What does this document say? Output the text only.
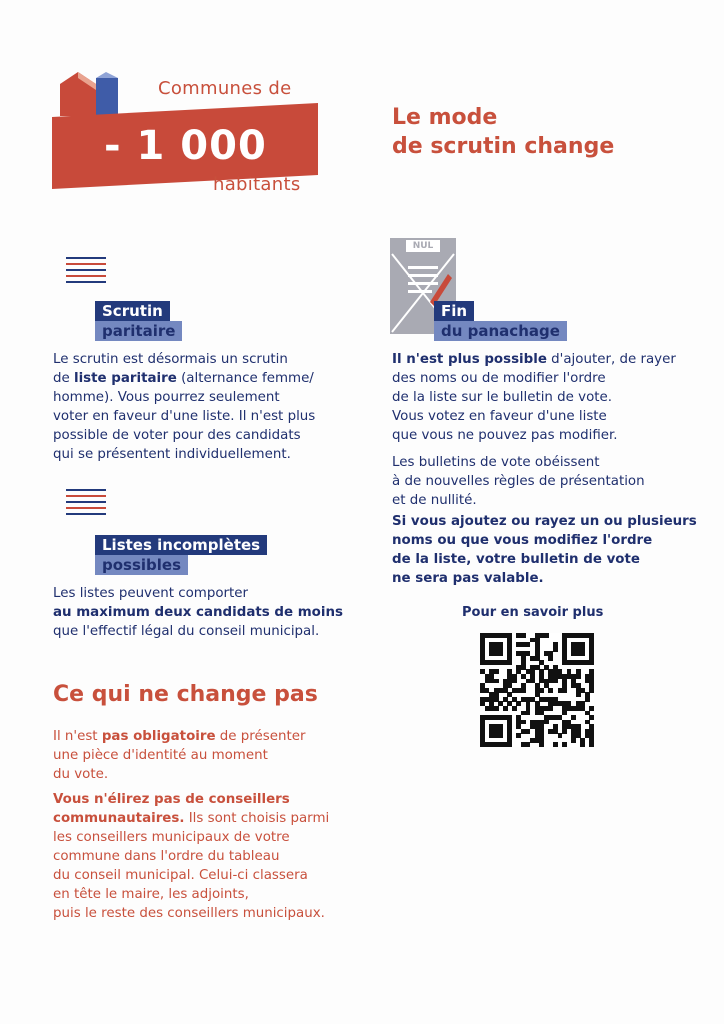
Communes de
- 1 000
habitants
Le mode
de scrutin change
Scrutin
paritaire
Le scrutin est désormais un scrutin
de liste paritaire (alternance femme/
homme). Vous pourrez seulement
voter en faveur d'une liste. Il n'est plus
possible de voter pour des candidats
qui se présentent individuellement.
Listes incomplètes
possibles
Les listes peuvent comporter
au maximum deux candidats de moins
que l'effectif légal du conseil municipal.
NUL
Fin
du panachage
Il n'est plus possible d'ajouter, de rayer
des noms ou de modifier l'ordre
de la liste sur le bulletin de vote.
Vous votez en faveur d'une liste
que vous ne pouvez pas modifier.
Les bulletins de vote obéissent
à de nouvelles règles de présentation
et de nullité.
Si vous ajoutez ou rayez un ou plusieurs
noms ou que vous modifiez l'ordre
de la liste, votre bulletin de vote
ne sera pas valable.
Pour en savoir plus
Ce qui ne change pas
Il n'est pas obligatoire de présenter
une pièce d'identité au moment
du vote.
Vous n'élirez pas de conseillers
communautaires. Ils sont choisis parmi
les conseillers municipaux de votre
commune dans l'ordre du tableau
du conseil municipal. Celui-ci classera
en tête le maire, les adjoints,
puis le reste des conseillers municipaux.
